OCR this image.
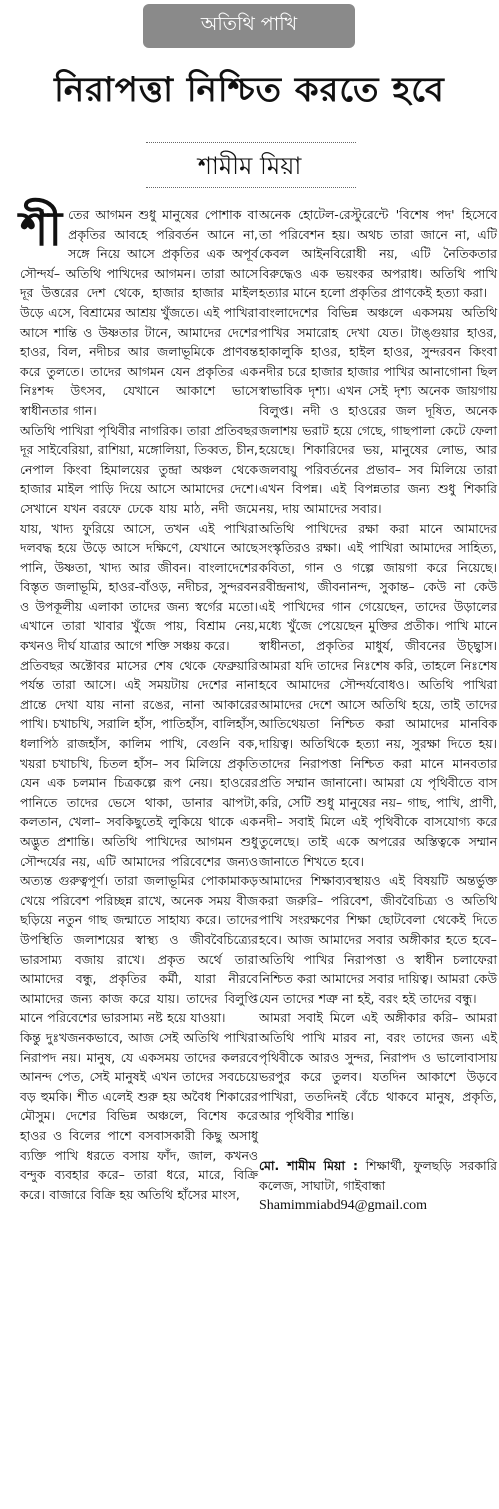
অতিথি পাখি
নিরাপত্তা নিশ্চিত করতে হবে
শামীম মিয়া

শীতের আগমন শুধু মানুষের পোশাক বা প্রকৃতির আবহে পরিবর্তন আনে না, সঙ্গে নিয়ে আসে প্রকৃতির এক অপূর্ব সৌন্দর্য– অতিথি পাখিদের আগমন। তারা আসে দূর উত্তরের দেশ থেকে, হাজার হাজার মাইল উড়ে এসে, বিশ্রামের আশ্রয় খুঁজতে। এই পাখিরা আসে শান্তি ও উষ্ণতার টানে, আমাদের দেশের হাওর, বিল, নদীচর আর জলাভূমিকে প্রাণবন্ত করে তুলতে। তাদের আগমন যেন প্রকৃতির এক নিঃশব্দ উৎসব, যেখানে আকাশে ভাসে স্বাধীনতার গান।

অতিথি পাখিরা পৃথিবীর নাগরিক। তারা প্রতিবছর দূর সাইবেরিয়া, রাশিয়া, মঙ্গোলিয়া, তিব্বত, চীন, নেপাল কিংবা হিমালয়ের তুন্দ্রা অঞ্চল থেকে হাজার মাইল পাড়ি দিয়ে আসে আমাদের দেশে। সেখানে যখন বরফে ঢেকে যায় মাঠ, নদী জমে যায়, খাদ্য ফুরিয়ে আসে, তখন এই পাখিরা দলবদ্ধ হয়ে উড়ে আসে দক্ষিণে, যেখানে আছে পানি, উষ্ণতা, খাদ্য আর জীবন। বাংলাদেশের বিস্তৃত জলাভূমি, হাওর-বাঁওড়, নদীচর, সুন্দরবন ও উপকূলীয় এলাকা তাদের জন্য স্বর্গের মতো। এখানে তারা খাবার খুঁজে পায়, বিশ্রাম নেয়, কখনও দীর্ঘ যাত্রার আগে শক্তি সঞ্চয় করে।

প্রতিবছর অক্টোবর মাসের শেষ থেকে ফেব্রুয়ারি পর্যন্ত তারা আসে। এই সময়টায় দেশের নানা প্রান্তে দেখা যায় নানা রঙের, নানা আকারের পাখি। চখাচখি, সরালি হাঁস, পাতিহাঁস, বালিহাঁস, ধলাপিঠ রাজহাঁস, কালিম পাখি, বেগুনি বক, খয়রা চখাচখি, চিতল হাঁস– সব মিলিয়ে প্রকৃতি যেন এক চলমান চিত্রকল্পে রূপ নেয়। হাওরের পানিতে তাদের ভেসে থাকা, ডানার ঝাপটা, কলতান, খেলা– সবকিছুতেই লুকিয়ে থাকে এক অদ্ভুত প্রশান্তি। অতিথি পাখিদের আগমন শুধু সৌন্দর্যের নয়, এটি আমাদের পরিবেশের জন্যও অত্যন্ত গুরুত্বপূর্ণ। তারা জলাভূমির পোকামাকড় খেয়ে পরিবেশ পরিচ্ছন্ন রাখে, অনেক সময় বীজ ছড়িয়ে নতুন গাছ জন্মাতে সাহায্য করে। তাদের উপস্থিতি জলাশয়ের স্বাস্থ্য ও জীববৈচিত্র্যের ভারসাম্য বজায় রাখে। প্রকৃত অর্থে তারা আমাদের বন্ধু, প্রকৃতির কর্মী, যারা নীরবে আমাদের জন্য কাজ করে যায়। তাদের বিলুপ্তি মানে পরিবেশের ভারসাম্য নষ্ট হয়ে যাওয়া।

কিন্তু দুঃখজনকভাবে, আজ সেই অতিথি পাখিরা নিরাপদ নয়। মানুষ, যে একসময় তাদের কলরবে আনন্দ পেত, সেই মানুষই এখন তাদের সবচেয়ে বড় হুমকি। শীত এলেই শুরু হয় অবৈধ শিকারের মৌসুম। দেশের বিভিন্ন অঞ্চলে, বিশেষ করে হাওর ও বিলের পাশে বসবাসকারী কিছু অসাধু ব্যক্তি পাখি ধরতে বসায় ফাঁদ, জাল, কখনও বন্দুক ব্যবহার করে– তারা ধরে, মারে, বিক্রি করে। বাজারে বিক্রি হয় অতিথি হাঁসের মাংস,

অনেক হোটেল-রেস্টুরেন্টে 'বিশেষ পদ' হিসেবে তা পরিবেশন হয়। অথচ তারা জানে না, এটি কেবল আইনবিরোধী নয়, এটি নৈতিকতার বিরুদ্ধেও এক ভয়ংকর অপরাধ। অতিথি পাখি হত্যার মানে হলো প্রকৃতির প্রাণকেই হত্যা করা।

বাংলাদেশের বিভিন্ন অঞ্চলে একসময় অতিথি পাখির সমারোহ দেখা যেত। টাঙ্গুয়ার হাওর, হাকালুকি হাওর, হাইল হাওর, সুন্দরবন কিংবা নদীর চরে হাজার হাজার পাখির আনাগোনা ছিল স্বাভাবিক দৃশ্য। এখন সেই দৃশ্য অনেক জায়গায় বিলুপ্ত। নদী ও হাওরের জল দূষিত, অনেক জলাশয় ভরাট হয়ে গেছে, গাছপালা কেটে ফেলা হয়েছে। শিকারিদের ভয়, মানুষের লোভ, আর জলবায়ু পরিবর্তনের প্রভাব– সব মিলিয়ে তারা এখন বিপন্ন। এই বিপন্নতার জন্য শুধু শিকারি নয়, দায় আমাদের সবার।

অতিথি পাখিদের রক্ষা করা মানে আমাদের সংস্কৃতিরও রক্ষা। এই পাখিরা আমাদের সাহিত্য, কবিতা, গান ও গল্পে জায়গা করে নিয়েছে। রবীন্দ্রনাথ, জীবনানন্দ, সুকান্ত– কেউ না কেউ এই পাখিদের গান গেয়েছেন, তাদের উড়ালের মধ্যে খুঁজে পেয়েছেন মুক্তির প্রতীক। পাখি মানে স্বাধীনতা, প্রকৃতির মাধুর্য, জীবনের উচ্ছ্বাস। আমরা যদি তাদের নিঃশেষ করি, তাহলে নিঃশেষ হবে আমাদের সৌন্দর্যবোধও। অতিথি পাখিরা আমাদের দেশে আসে অতিথি হয়ে, তাই তাদের আতিথেয়তা নিশ্চিত করা আমাদের মানবিক দায়িত্ব। অতিথিকে হত্যা নয়, সুরক্ষা দিতে হয়। তাদের নিরাপত্তা নিশ্চিত করা মানে মানবতার প্রতি সম্মান জানানো। আমরা যে পৃথিবীতে বাস করি, সেটি শুধু মানুষের নয়– গাছ, পাখি, প্রাণী, নদী– সবাই মিলে এই পৃথিবীকে বাসযোগ্য করে তুলেছে। তাই একে অপরের অস্তিত্বকে সম্মান জানাতে শিখতে হবে।

আমাদের শিক্ষাব্যবস্থায়ও এই বিষয়টি অন্তর্ভুক্ত করা জরুরি– পরিবেশ, জীববৈচিত্র্য ও অতিথি পাখি সংরক্ষণের শিক্ষা ছোটবেলা থেকেই দিতে হবে। আজ আমাদের সবার অঙ্গীকার হতে হবে– অতিথি পাখির নিরাপত্তা ও স্বাধীন চলাফেরা নিশ্চিত করা আমাদের সবার দায়িত্ব। আমরা কেউ যেন তাদের শত্রু না হই, বরং হই তাদের বন্ধু।

আমরা সবাই মিলে এই অঙ্গীকার করি– আমরা অতিথি পাখি মারব না, বরং তাদের জন্য এই পৃথিবীকে আরও সুন্দর, নিরাপদ ও ভালোবাসায় ভরপুর করে তুলব। যতদিন আকাশে উড়বে পাখিরা, ততদিনই বেঁচে থাকবে মানুষ, প্রকৃতি, আর পৃথিবীর শান্তি।

মো. শামীম মিয়া : শিক্ষার্থী, ফুলছড়ি সরকারি কলেজ, সাঘাটা, গাইবান্ধা
Shamimmiabd94@gmail.com
